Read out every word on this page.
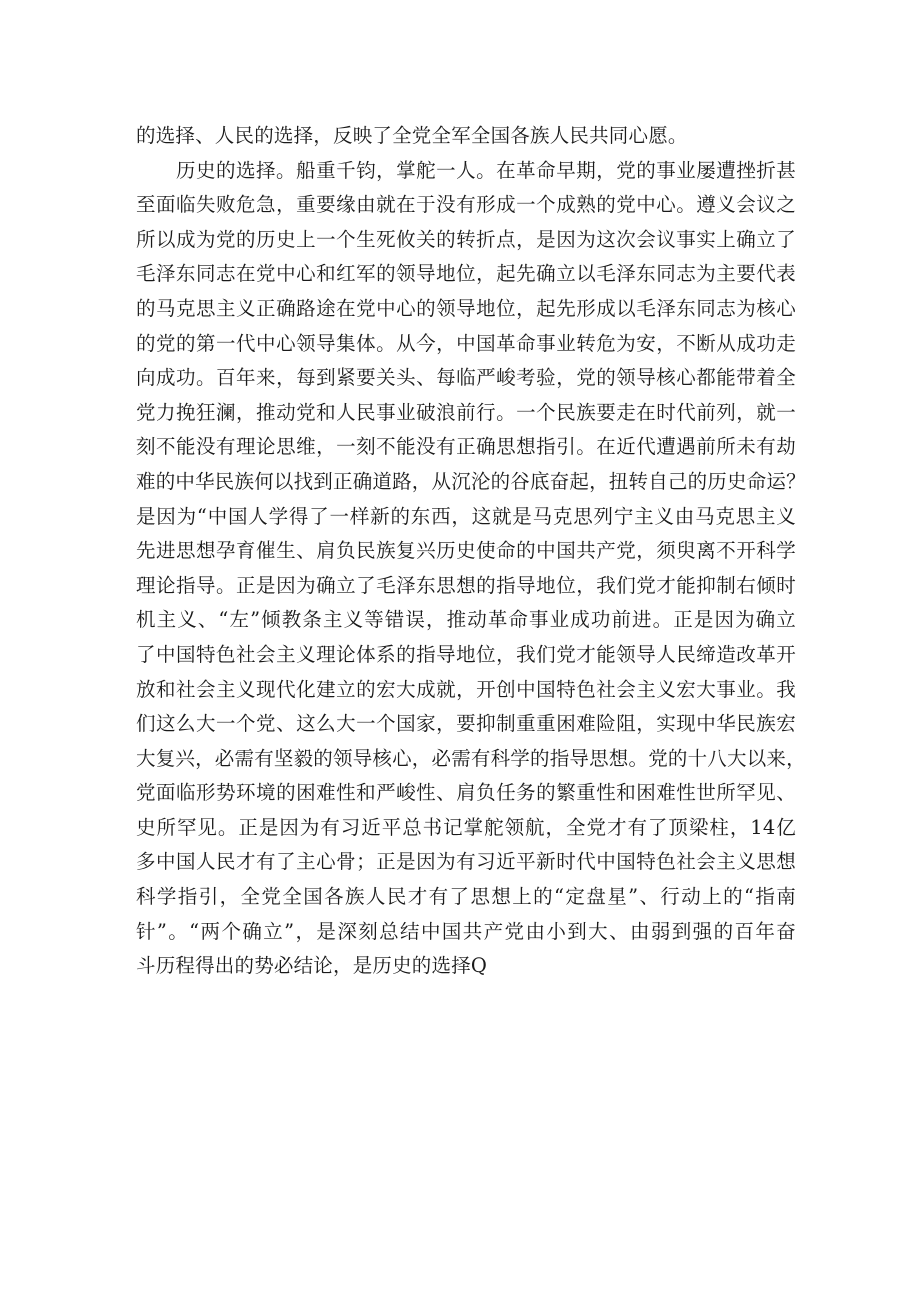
的选择、人民的选择，反映了全党全军全国各族人民共同心愿。
历史的选择。船重千钧，掌舵一人。在革命早期，党的事业屡遭挫折甚
至面临失败危急，重要缘由就在于没有形成一个成熟的党中心。遵义会议之
所以成为党的历史上一个生死攸关的转折点，是因为这次会议事实上确立了
毛泽东同志在党中心和红军的领导地位，起先确立以毛泽东同志为主要代表
的马克思主义正确路途在党中心的领导地位，起先形成以毛泽东同志为核心
的党的第一代中心领导集体。从今，中国革命事业转危为安，不断从成功走
向成功。百年来，每到紧要关头、每临严峻考验，党的领导核心都能带着全
党力挽狂澜，推动党和人民事业破浪前行。一个民族要走在时代前列，就一
刻不能没有理论思维，一刻不能没有正确思想指引。在近代遭遇前所未有劫
难的中华民族何以找到正确道路，从沉沦的谷底奋起，扭转自己的历史命运？
是因为“中国人学得了一样新的东西，这就是马克思列宁主义由马克思主义
先进思想孕育催生、肩负民族复兴历史使命的中国共产党，须臾离不开科学
理论指导。正是因为确立了毛泽东思想的指导地位，我们党才能抑制右倾时
机主义、“左”倾教条主义等错误，推动革命事业成功前进。正是因为确立
了中国特色社会主义理论体系的指导地位，我们党才能领导人民缔造改革开
放和社会主义现代化建立的宏大成就，开创中国特色社会主义宏大事业。我
们这么大一个党、这么大一个国家，要抑制重重困难险阻，实现中华民族宏
大复兴，必需有坚毅的领导核心，必需有科学的指导思想。党的十八大以来，
党面临形势环境的困难性和严峻性、肩负任务的繁重性和困难性世所罕见、
史所罕见。正是因为有习近平总书记掌舵领航，全党才有了顶梁柱，14亿
多中国人民才有了主心骨；正是因为有习近平新时代中国特色社会主义思想
科学指引，全党全国各族人民才有了思想上的“定盘星”、行动上的“指南
针”。“两个确立”，是深刻总结中国共产党由小到大、由弱到强的百年奋
斗历程得出的势必结论，是历史的选择Q
